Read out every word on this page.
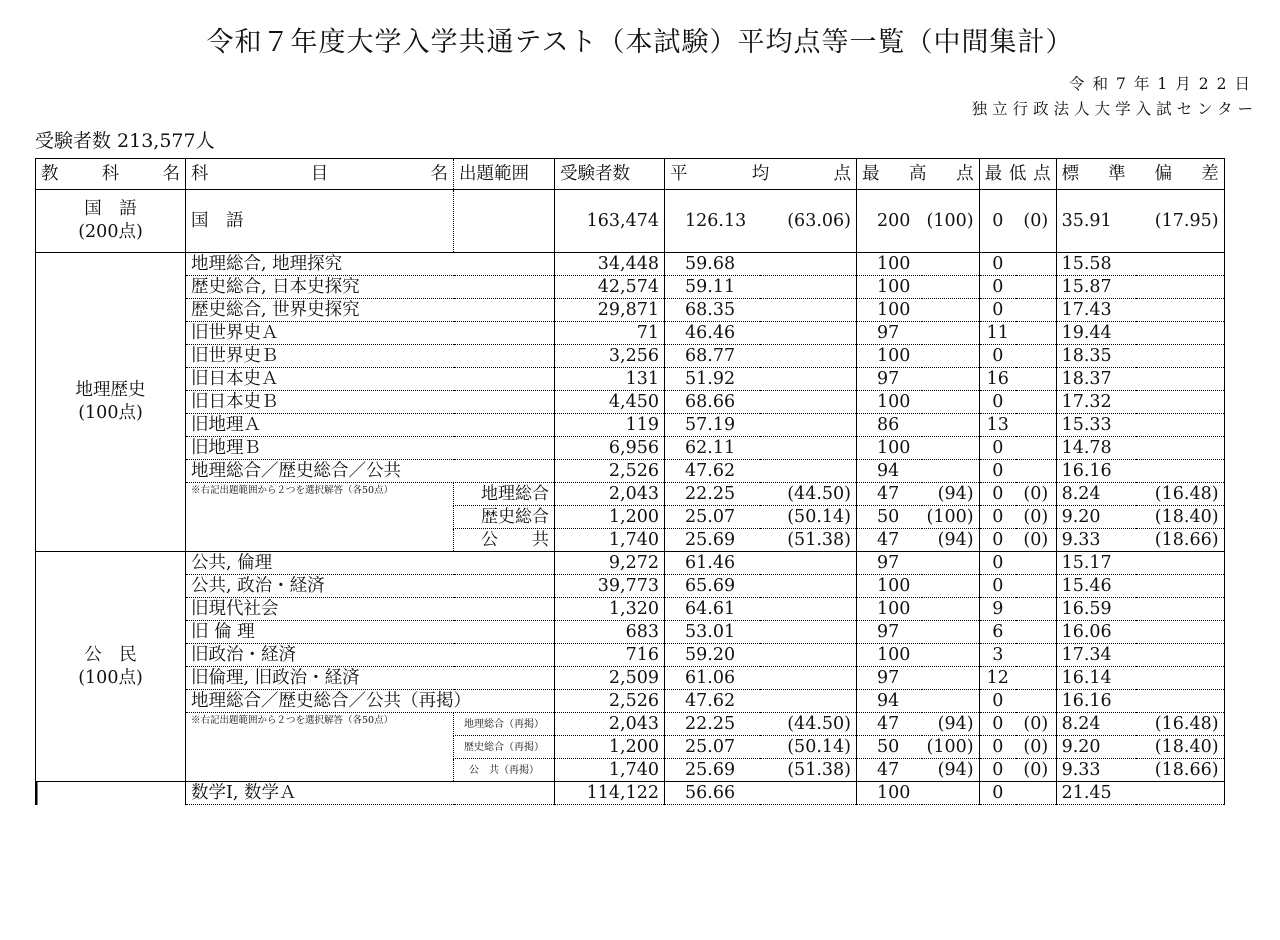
令和７年度大学入学共通テスト（本試験）平均点等一覧（中間集計）
令和7年1月22日
独立行政法人大学入試センター
受験者数 213,577人
教 科 名	科 目 名	出題範囲	受験者数	平 均 点		最 高 点		最 低 点		標 準 偏 差	

国　語
(200点)	国　語		163,474	126.13	(63.06)	200	(100)	0	(0)	35.91	(17.95)

地理歴史
(100点)	地理総合, 地理探究		34,448	59.68		100		0		15.58	
	歴史総合, 日本史探究		42,574	59.11		100		0		15.87	
	歴史総合, 世界史探究		29,871	68.35		100		0		17.43	
	旧世界史Ａ		71	46.46		97		11		19.44	
	旧世界史Ｂ		3,256	68.77		100		0		18.35	
	旧日本史Ａ		131	51.92		97		16		18.37	
	旧日本史Ｂ		4,450	68.66		100		0		17.32	
	旧地理Ａ		119	57.19		86		13		15.33	
	旧地理Ｂ		6,956	62.11		100		0		14.78	
	地理総合／歴史総合／公共		2,526	47.62		94		0		16.16	
	※右記出題範囲から２つを選択解答（各50点）	地理総合	2,043	22.25	(44.50)	47	(94)	0	(0)	8.24	(16.48)
		歴史総合	1,200	25.07	(50.14)	50	(100)	0	(0)	9.20	(18.40)
		公　　共	1,740	25.69	(51.38)	47	(94)	0	(0)	9.33	(18.66)

公　民
(100点)	公共, 倫理		9,272	61.46		97		0		15.17	
	公共, 政治・経済		39,773	65.69		100		0		15.46	
	旧現代社会		1,320	64.61		100		9		16.59	
	旧 倫 理		683	53.01		97		6		16.06	
	旧政治・経済		716	59.20		100		3		17.34	
	旧倫理, 旧政治・経済		2,509	61.06		97		12		16.14	
	地理総合／歴史総合／公共（再掲）		2,526	47.62		94		0		16.16	
	※右記出題範囲から２つを選択解答（各50点）	地理総合（再掲）	2,043	22.25	(44.50)	47	(94)	0	(0)	8.24	(16.48)
		歴史総合（再掲）	1,200	25.07	(50.14)	50	(100)	0	(0)	9.20	(18.40)
		公　共（再掲）	1,740	25.69	(51.38)	47	(94)	0	(0)	9.33	(18.66)
	数学Ⅰ, 数学Ａ		114,122	56.66		100		0		21.45	
